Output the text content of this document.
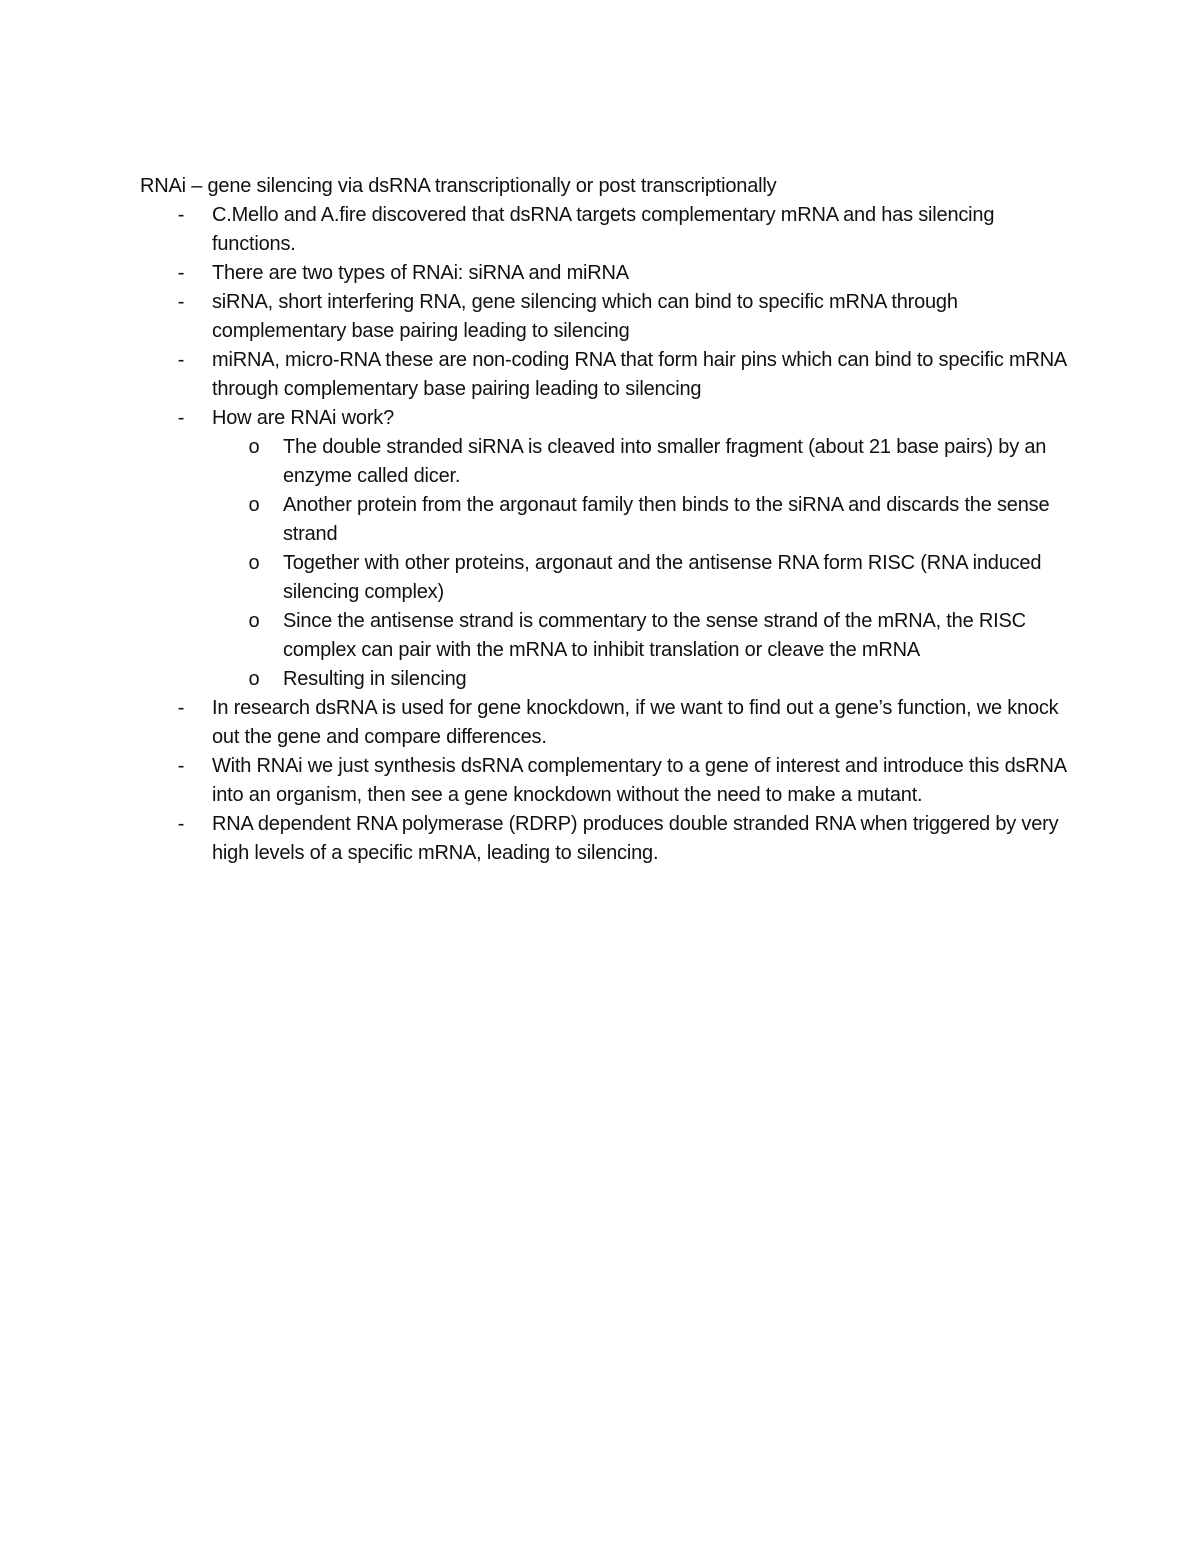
RNAi – gene silencing via dsRNA transcriptionally or post transcriptionally

- C.Mello and A.fire discovered that dsRNA targets complementary mRNA and has silencing functions.
- There are two types of RNAi: siRNA and miRNA
- siRNA, short interfering RNA, gene silencing which can bind to specific mRNA through complementary base pairing leading to silencing
- miRNA, micro-RNA these are non-coding RNA that form hair pins which can bind to specific mRNA through complementary base pairing leading to silencing
- How are RNAi work?
o The double stranded siRNA is cleaved into smaller fragment (about 21 base pairs) by an enzyme called dicer.
o Another protein from the argonaut family then binds to the siRNA and discards the sense strand
o Together with other proteins, argonaut and the antisense RNA form RISC (RNA induced silencing complex)
o Since the antisense strand is commentary to the sense strand of the mRNA, the RISC complex can pair with the mRNA to inhibit translation or cleave the mRNA
o Resulting in silencing
- In research dsRNA is used for gene knockdown, if we want to find out a gene’s function, we knock out the gene and compare differences.
- With RNAi we just synthesis dsRNA complementary to a gene of interest and introduce this dsRNA into an organism, then see a gene knockdown without the need to make a mutant.
- RNA dependent RNA polymerase (RDRP) produces double stranded RNA when triggered by very high levels of a specific mRNA, leading to silencing.
